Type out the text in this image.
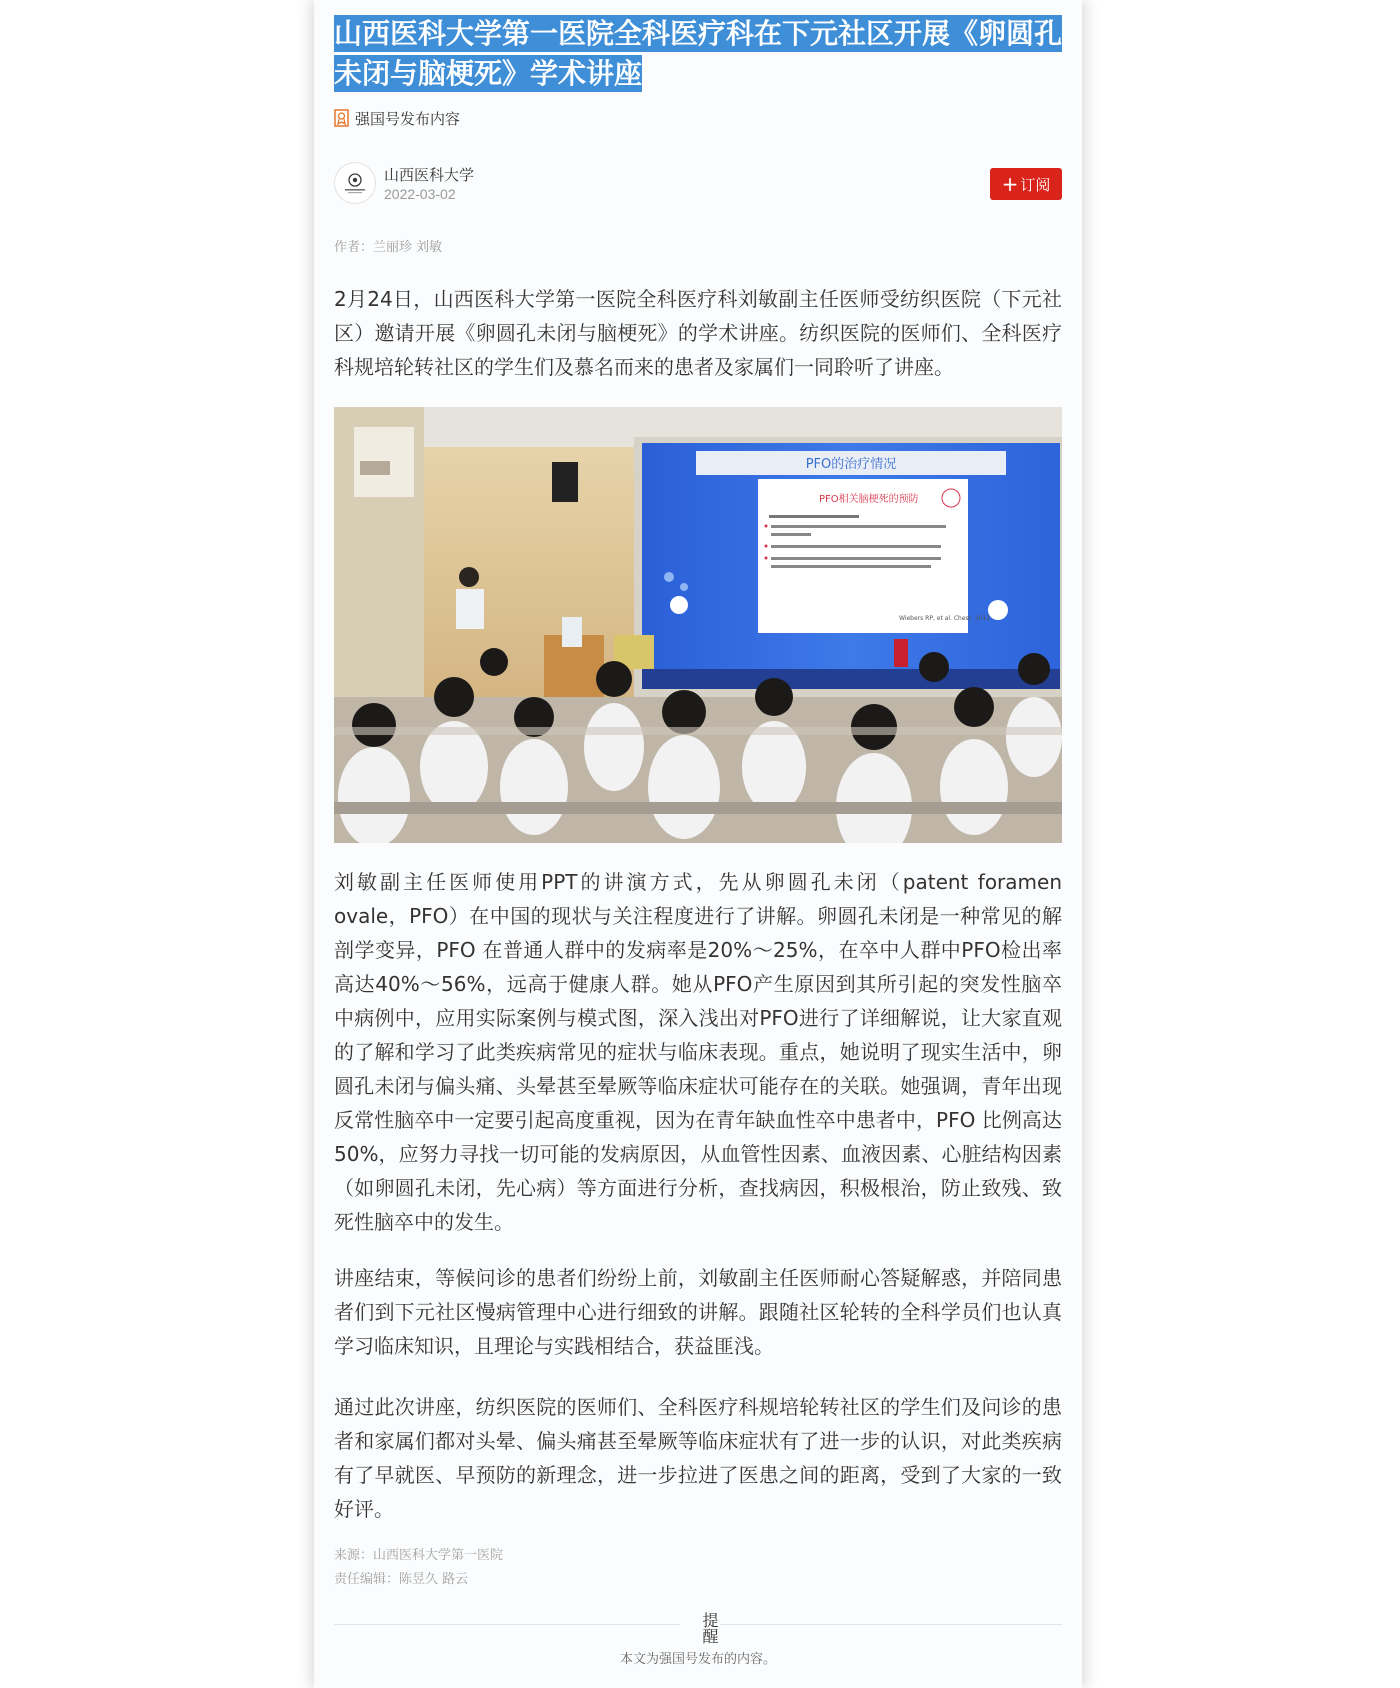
山西医科大学第一医院全科医疗科在下元社区开展《卵圆孔未闭与脑梗死》学术讲座
强国号发布内容
山西医科大学
2022-03-02	+ 订阅
作者：兰丽珍 刘敏

2月24日，山西医科大学第一医院全科医疗科刘敏副主任医师受纺织医院（下元社区）邀请开展《卵圆孔未闭与脑梗死》的学术讲座。纺织医院的医师们、全科医疗科规培轮转社区的学生们及慕名而来的患者及家属们一同聆听了讲座。

PFO的治疗情况
PFO相关脑梗死的预防
Wiebers RP, et al. Chest. 2012

刘敏副主任医师使用PPT的讲演方式，先从卵圆孔未闭（patent foramen ovale，PFO）在中国的现状与关注程度进行了讲解。卵圆孔未闭是一种常见的解剖学变异，PFO 在普通人群中的发病率是20%～25%，在卒中人群中PFO检出率高达40%～56%，远高于健康人群。她从PFO产生原因到其所引起的突发性脑卒中病例中，应用实际案例与模式图，深入浅出对PFO进行了详细解说，让大家直观的了解和学习了此类疾病常见的症状与临床表现。重点，她说明了现实生活中，卵圆孔未闭与偏头痛、头晕甚至晕厥等临床症状可能存在的关联。她强调，青年出现反常性脑卒中一定要引起高度重视，因为在青年缺血性卒中患者中，PFO 比例高达50%，应努力寻找一切可能的发病原因，从血管性因素、血液因素、心脏结构因素（如卵圆孔未闭，先心病）等方面进行分析，查找病因，积极根治，防止致残、致死性脑卒中的发生。

讲座结束，等候问诊的患者们纷纷上前，刘敏副主任医师耐心答疑解惑，并陪同患者们到下元社区慢病管理中心进行细致的讲解。跟随社区轮转的全科学员们也认真学习临床知识，且理论与实践相结合，获益匪浅。

通过此次讲座，纺织医院的医师们、全科医疗科规培轮转社区的学生们及问诊的患者和家属们都对头晕、偏头痛甚至晕厥等临床症状有了进一步的认识，对此类疾病有了早就医、早预防的新理念，进一步拉进了医患之间的距离，受到了大家的一致好评。

来源：山西医科大学第一医院
责任编辑：陈昱久 路云
提醒
本文为强国号发布的内容。
